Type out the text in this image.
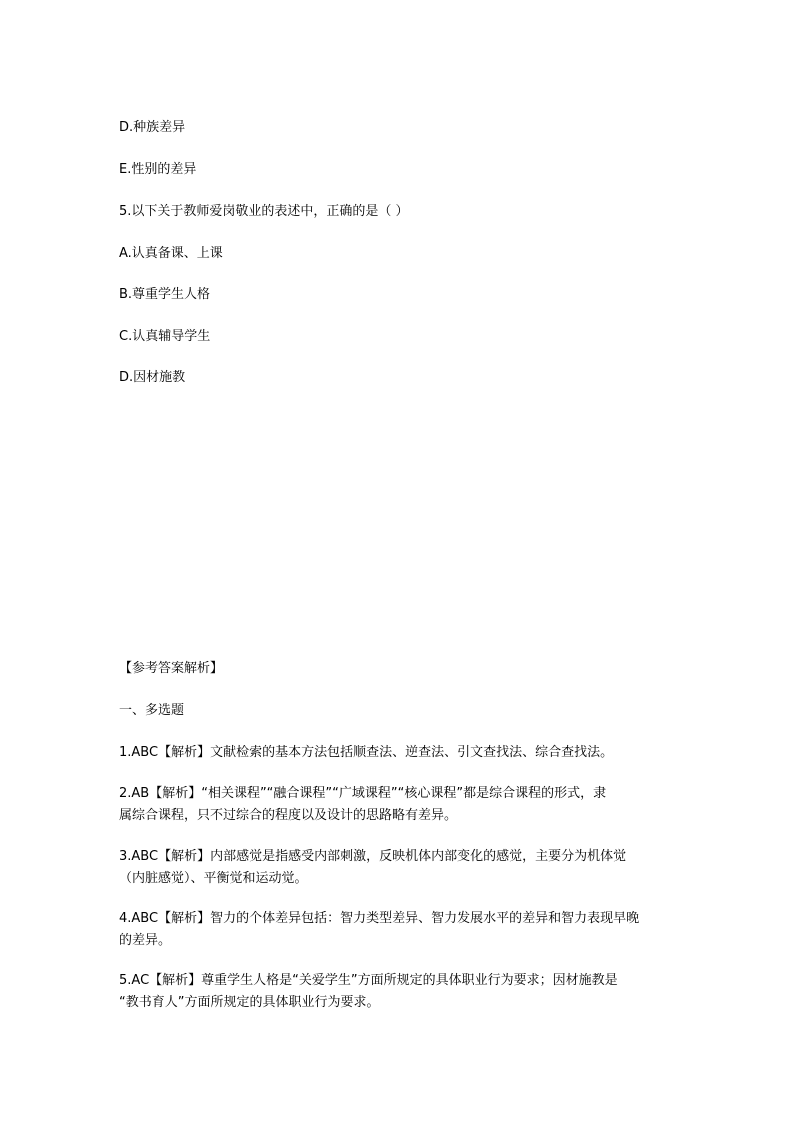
D.种族差异
E.性别的差异
5.以下关于教师爱岗敬业的表述中，正确的是（ ）
A.认真备课、上课
B.尊重学生人格
C.认真辅导学生
D.因材施教
【参考答案解析】
一、多选题
1.ABC【解析】文献检索的基本方法包括顺查法、逆查法、引文查找法、综合查找法。
2.AB【解析】“相关课程”“融合课程”“广域课程”“核心课程”都是综合课程的形式，隶
属综合课程，只不过综合的程度以及设计的思路略有差异。
3.ABC【解析】内部感觉是指感受内部刺激，反映机体内部变化的感觉，主要分为机体觉
（内脏感觉）、平衡觉和运动觉。
4.ABC【解析】智力的个体差异包括：智力类型差异、智力发展水平的差异和智力表现早晚
的差异。
5.AC【解析】尊重学生人格是“关爱学生”方面所规定的具体职业行为要求；因材施教是
“教书育人”方面所规定的具体职业行为要求。
